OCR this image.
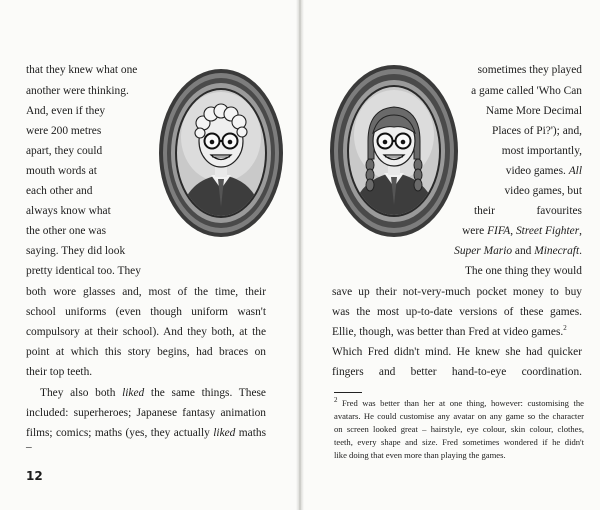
that they knew what one
another were thinking.
And, even if they
were 200 metres
apart, they could
mouth words at
each other and
always know what
the other one was
saying. They did look
pretty identical too. They
both wore glasses and, most of the time, their
school uniforms (even though uniform wasn't
compulsory at their school). And they both, at the
point at which this story begins, had braces on
their top teeth.
They also both liked the same things. These
included: superheroes; Japanese fantasy animation
films; comics; maths (yes, they actually liked maths –
12
sometimes they played
a game called 'Who Can
Name More Decimal
Places of Pi?'); and,
most importantly,
video games. All
video games, but
their favourites
were FIFA, Street Fighter,
Super Mario and Minecraft.
The one thing they would
save up their not-very-much pocket money to buy
was the most up-to-date versions of these games.
Ellie, though, was better than Fred at video games.$^2$
Which Fred didn't mind. He knew she had quicker
fingers and better hand-to-eye coordination.
$^2$ Fred was better than her at one thing, however: customising the
avatars. He could customise any avatar on any game so the character
on screen looked great – hairstyle, eye colour, skin colour, clothes,
teeth, every shape and size. Fred sometimes wondered if he didn't
like doing that even more than playing the games.
